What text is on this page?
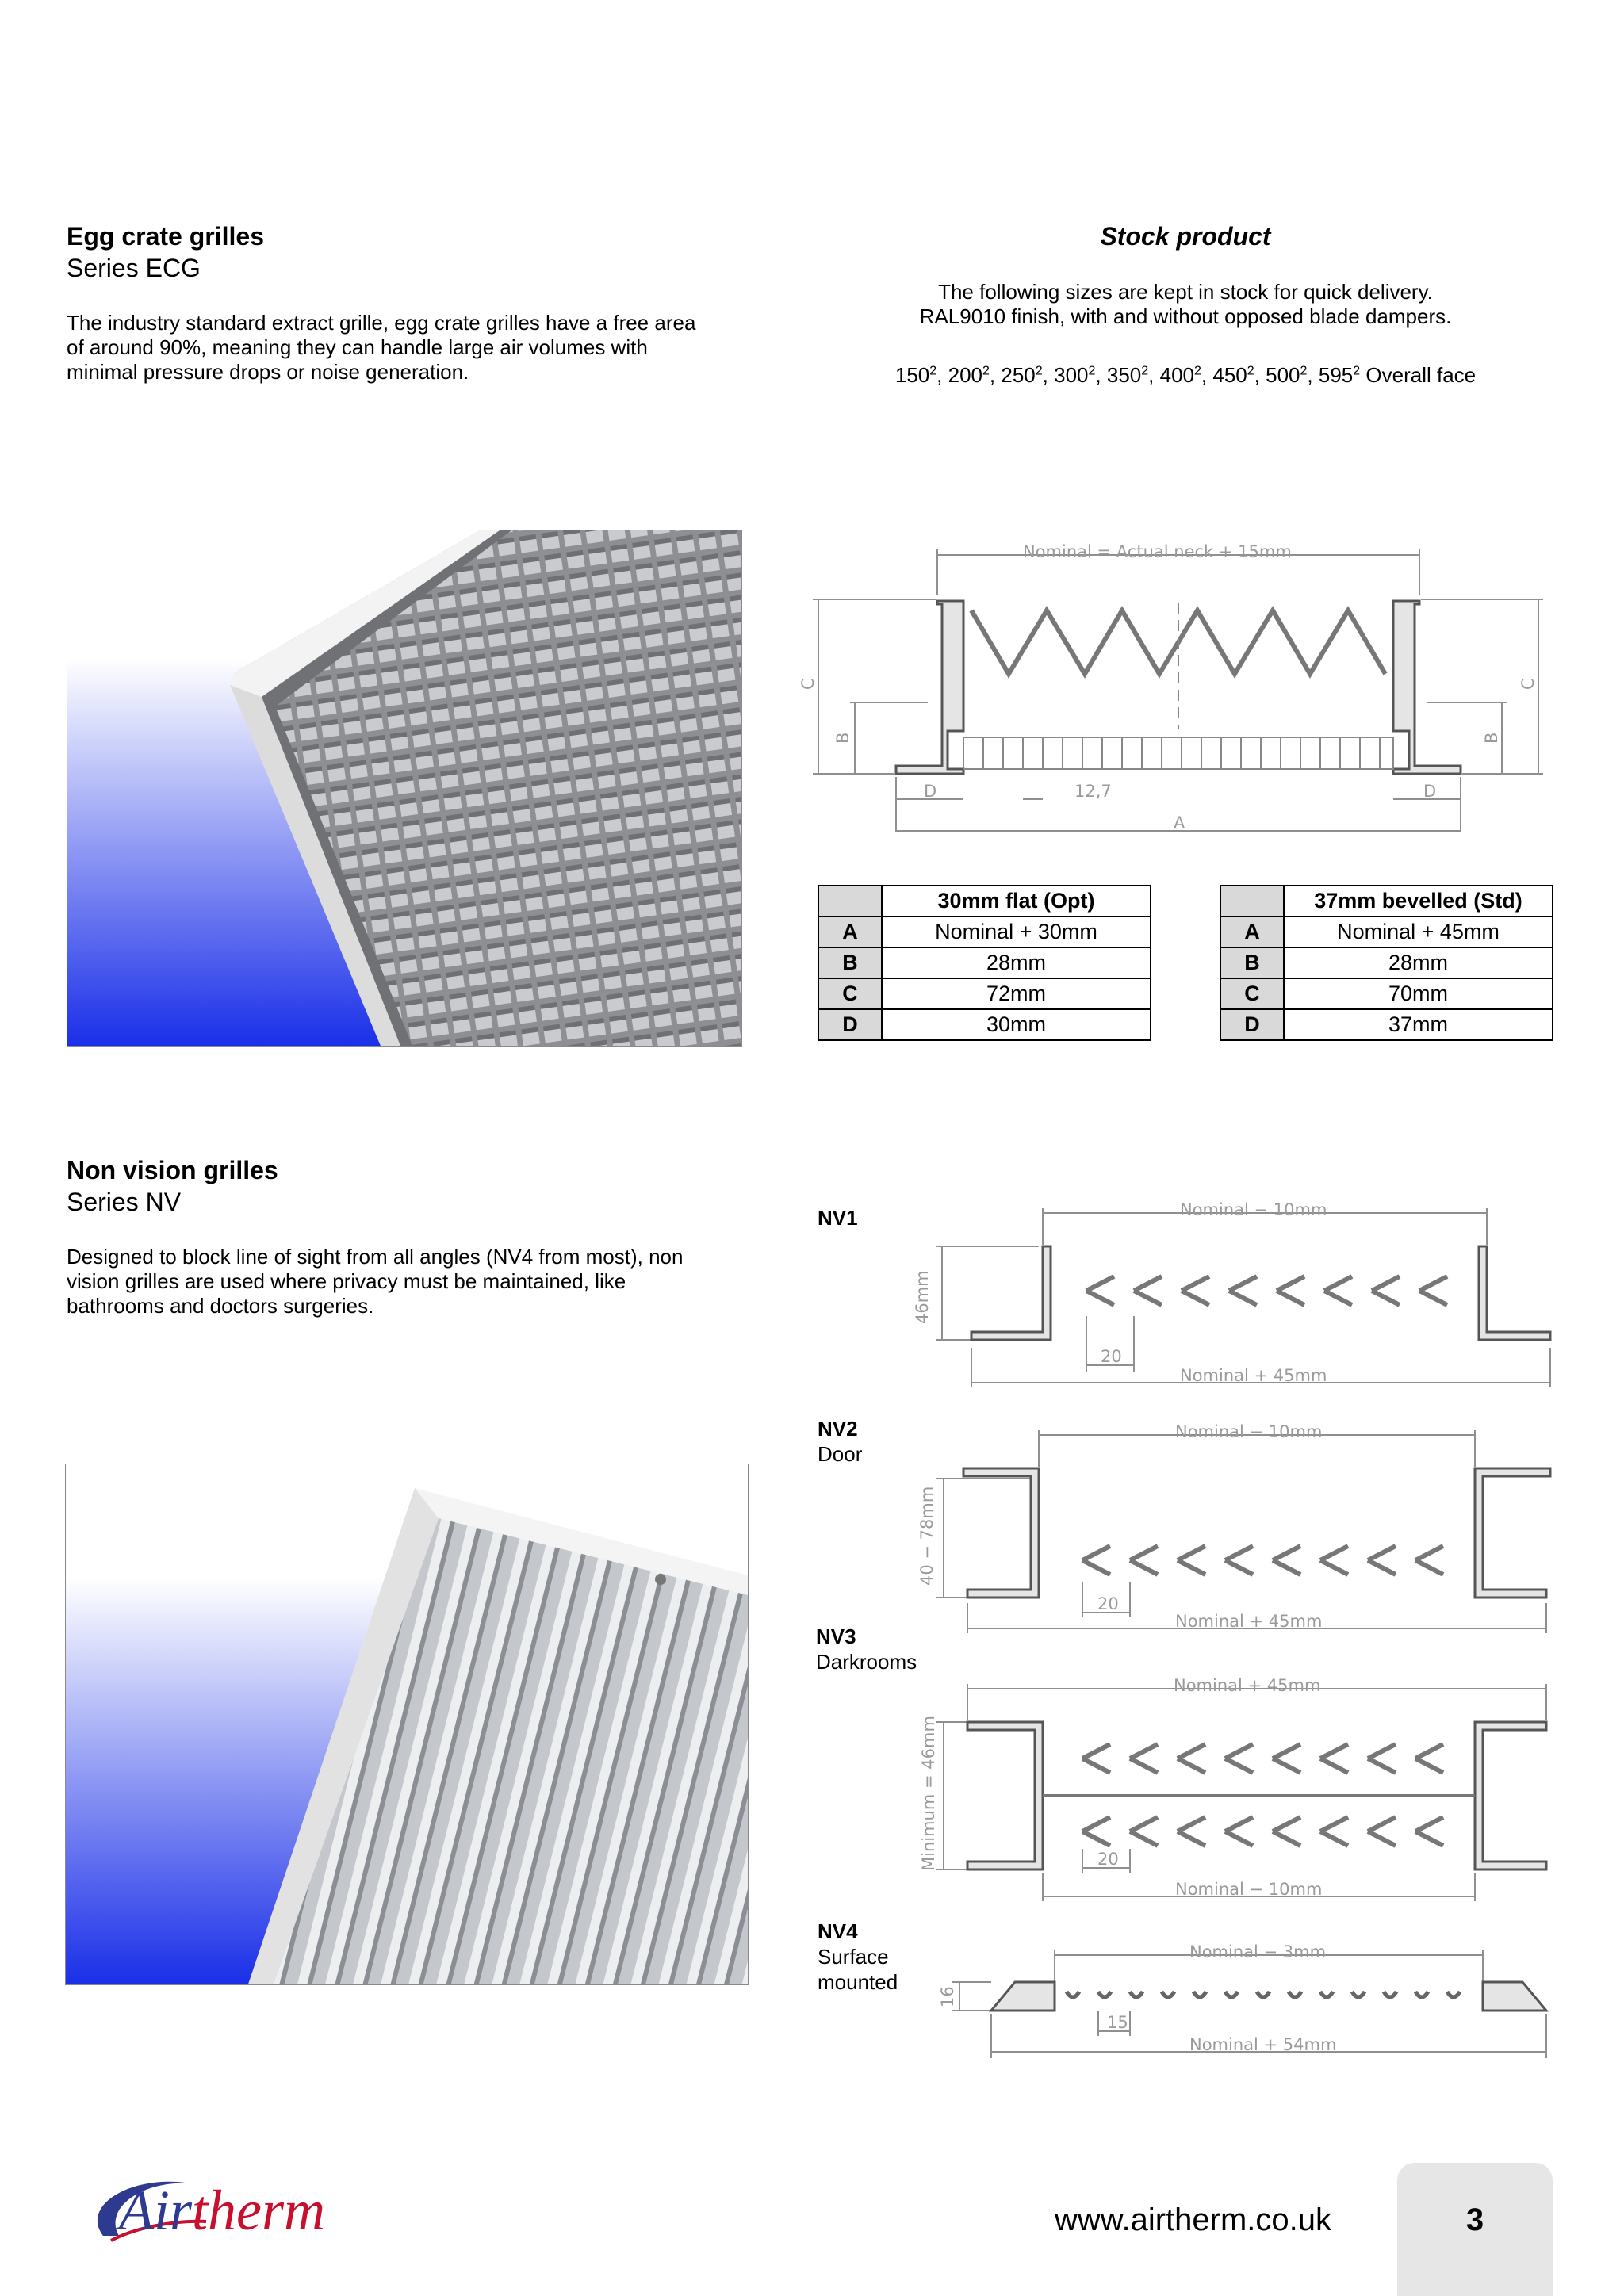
Egg crate grilles
Series ECG
The industry standard extract grille, egg crate grilles have a free area
of around 90%, meaning they can handle large air volumes with
minimal pressure drops or noise generation.
Stock product
The following sizes are kept in stock for quick delivery.
RAL9010 finish, with and without opposed blade dampers.
$150^2$, $200^2$, $250^2$, $300^2$, $350^2$, $400^2$, $450^2$, $500^2$, $595^2$ Overall face
Nominal = Actual neck + 15mm
C
B
C
B
D	D
12,7
A
	30mm flat (Opt)
A	Nominal + 30mm
B	28mm
C	72mm
D	30mm
	37mm bevelled (Std)
A	Nominal + 45mm
B	28mm
C	70mm
D	37mm
Non vision grilles
Series NV
Designed to block line of sight from all angles (NV4 from most), non
vision grilles are used where privacy must be maintained, like
bathrooms and doctors surgeries.
NV1
NV2
Door
NV3
Darkrooms
NV4
Surface
mounted
Nominal − 10mm
46mm
20
Nominal + 45mm
Nominal − 10mm
40 − 78mm
20
Nominal + 45mm
Nominal + 45mm
Minimum = 46mm	20
Nominal − 10mm
Nominal − 3mm
16
15
Nominal + 54mm
Airtherm	www.airtherm.co.uk	3
